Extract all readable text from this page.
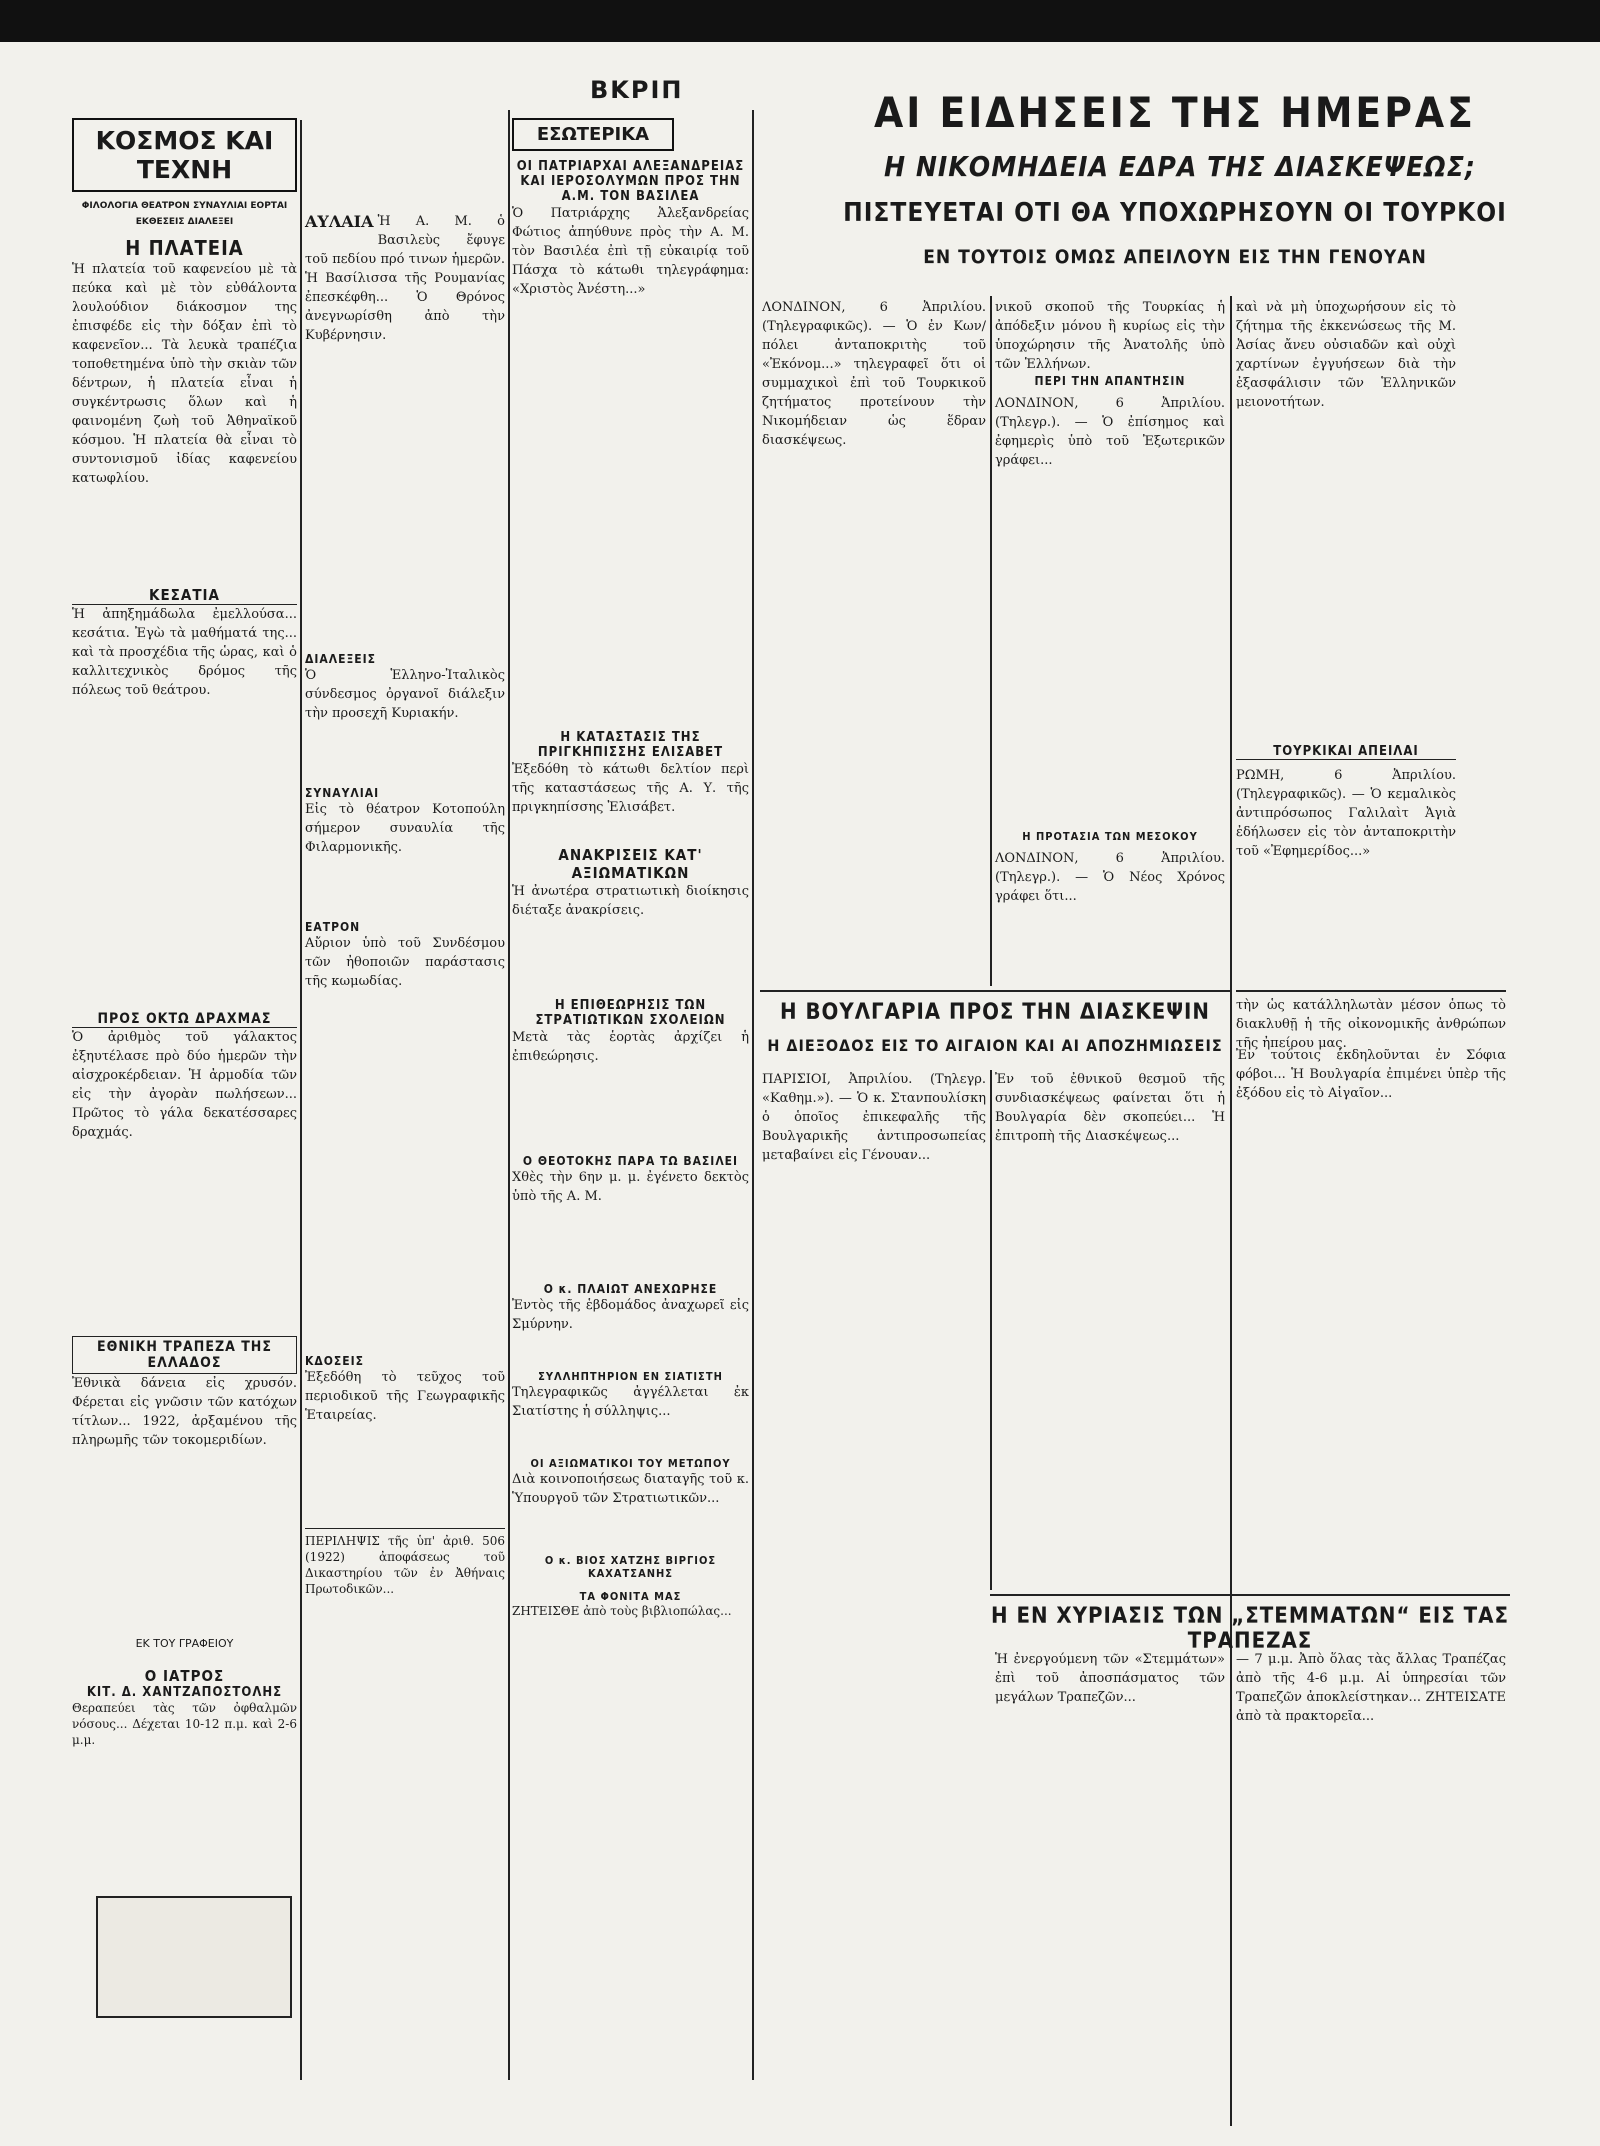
ΒΚΡΙΠ
ΚΟΣΜΟΣ ΚΑΙ ΤΕΧΝΗ
ΦΙΛΟΛΟΓΙΑ ΘΕΑΤΡΟΝ ΣΥΝΑΥΛΙΑΙ ΕΟΡΤΑΙ ΕΚΘΕΣΕΙΣ ΔΙΑΛΕΞΕΙ
Η ΠΛΑΤΕΙΑ
Ἡ πλατεία τοῦ καφενείου μὲ τὰ πεύκα καὶ μὲ τὸν εὐθάλοντα λουλούδιον διάκοσμον της ἐπισφέδε εἰς τὴν δόξαν ἐπὶ τὸ καφενεῖον... Τὰ λευκὰ τραπέζια τοποθετημένα ὑπὸ τὴν σκιὰν τῶν δέντρων, ἡ πλατεία εἶναι ἡ συγκέντρωσις ὅλων καὶ ἡ φαινομένη ζωὴ τοῦ Ἀθηναϊκοῦ κόσμου. Ἡ πλατεία θὰ εἶναι τὸ συντονισμοῦ ἰδίας καφενείου κατωφλίου.
ΚΕΣΑΤΙΑ
Ἡ ἀπηξημάδωλα ἐμελλούσα... κεσάτια. Ἐγὼ τὰ μαθήματά της... καὶ τὰ προσχέδια τῆς ὡρας, καὶ ὁ καλλιτεχνικὸς δρόμος τῆς πόλεως τοῦ θεάτρου.
ΠΡΟΣ ΟΚΤΩ ΔΡΑΧΜΑΣ
Ὁ ἀριθμὸς τοῦ γάλακτος ἐξηυτέλασε πρὸ δύο ἡμερῶν τὴν αἰσχροκέρδειαν. Ἡ ἀρμοδία τῶν εἰς τὴν ἀγορὰν πωλήσεων... Πρῶτος τὸ γάλα δεκατέσσαρες δραχμάς.
ΕΘΝΙΚΗ ΤΡΑΠΕΖΑ ΤΗΣ ΕΛΛΑΔΟΣ
Ἐθνικὰ δάνεια εἰς χρυσόν. Φέρεται εἰς γνῶσιν τῶν κατόχων τίτλων... 1922, ἀρξαμένου τῆς πληρωμῆς τῶν τοκομεριδίων.
ΕΚ ΤΟΥ ΓΡΑΦΕΙΟΥ
Ο ΙΑΤΡΟΣ
ΚΙΤ. Δ. ΧΑΝΤΖΑΠΟΣΤΟΛΗΣ
Θεραπεύει τὰς τῶν ὀφθαλμῶν νόσους... Δέχεται 10-12 π.μ. καὶ 2-6 μ.μ.
ΑΥΛΑΙΑ Ἡ Α. Μ. ὁ Βασιλεὺς ἔφυγε τοῦ πεδίου πρό τινων ἡμερῶν. Ἡ Βασίλισσα τῆς Ρουμανίας ἐπεσκέφθη... Ὁ Θρόνος ἀνεγνωρίσθη ἀπὸ τὴν Κυβέρνησιν.
ΔΙΑΛΕΞΕΙΣ
Ὁ Ἑλληνο-Ἰταλικὸς σύνδεσμος ὀργανοῖ διάλεξιν τὴν προσεχῆ Κυριακήν.
ΣΥΝΑΥΛΙΑΙ
Εἰς τὸ θέατρον Κοτοπούλη σήμερον συναυλία τῆς Φιλαρμονικῆς.
ΕΑΤΡΟΝ
Αὔριον ὑπὸ τοῦ Συνδέσμου τῶν ἠθοποιῶν παράστασις τῆς κωμωδίας.
ΚΔΟΣΕΙΣ
Ἐξεδόθη τὸ τεῦχος τοῦ περιοδικοῦ τῆς Γεωγραφικῆς Ἑταιρείας.
ΠΕΡΙΛΗΨΙΣ τῆς ὑπ' ἀριθ. 506 (1922) ἀποφάσεως τοῦ Δικαστηρίου τῶν ἐν Ἀθήναις Πρωτοδικῶν...
ΕΣΩΤΕΡΙΚΑ
ΟΙ ΠΑΤΡΙΑΡΧΑΙ ΑΛΕΞΑΝΔΡΕΙΑΣ ΚΑΙ ΙΕΡΟΣΟΛΥΜΩΝ ΠΡΟΣ ΤΗΝ Α.Μ. ΤΟΝ ΒΑΣΙΛΕΑ
Ὁ Πατριάρχης Ἀλεξανδρείας Φώτιος ἀπηύθυνε πρὸς τὴν Α. Μ. τὸν Βασιλέα ἐπὶ τῇ εὐκαιρίᾳ τοῦ Πάσχα τὸ κάτωθι τηλεγράφημα: «Χριστὸς Ἀνέστη...»
Η ΚΑΤΑΣΤΑΣΙΣ ΤΗΣ ΠΡΙΓΚΗΠΙΣΣΗΣ ΕΛΙΣΑΒΕΤ
Ἐξεδόθη τὸ κάτωθι δελτίον περὶ τῆς καταστάσεως τῆς Α. Υ. τῆς πριγκηπίσσης Ἐλισάβετ.
ΑΝΑΚΡΙΣΕΙΣ ΚΑΤ' ΑΞΙΩΜΑΤΙΚΩΝ
Ἡ ἀνωτέρα στρατιωτικὴ διοίκησις διέταξε ἀνακρίσεις.
Η ΕΠΙΘΕΩΡΗΣΙΣ ΤΩΝ ΣΤΡΑΤΙΩΤΙΚΩΝ ΣΧΟΛΕΙΩΝ
Μετὰ τὰς ἑορτὰς ἀρχίζει ἡ ἐπιθεώρησις.
Ο ΘΕΟΤΟΚΗΣ ΠΑΡΑ ΤΩ ΒΑΣΙΛΕΙ
Χθὲς τὴν 6ην μ. μ. ἐγένετο δεκτὸς ὑπὸ τῆς Α. Μ.
Ο κ. ΠΛΑΙΩΤ ΑΝΕΧΩΡΗΣΕ
Ἐντὸς τῆς ἑβδομάδος ἀναχωρεῖ εἰς Σμύρνην.
ΣΥΛΛΗΠΤΗΡΙΟΝ ΕΝ ΣΙΑΤΙΣΤΗ
Τηλεγραφικῶς ἀγγέλλεται ἐκ Σιατίστης ἡ σύλληψις...
ΟΙ ΑΞΙΩΜΑΤΙΚΟΙ ΤΟΥ ΜΕΤΩΠΟΥ
Διὰ κοινοποιήσεως διαταγῆς τοῦ κ. Ὑπουργοῦ τῶν Στρατιωτικῶν...
Ο κ. ΒΙΟΣ ΧΑΤΖΗΣ ΒΙΡΓΙΟΣ ΚΑΧΑΤΣΑΝΗΣ
ΤΑ ΦΟΝΙΤΑ ΜΑΣ
ΖΗΤΕΙΣΘΕ ἀπὸ τοὺς βιβλιοπώλας...
ΑΙ ΕΙΔΗΣΕΙΣ ΤΗΣ ΗΜΕΡΑΣ
Η ΝΙΚΟΜΗΔΕΙΑ ΕΔΡΑ ΤΗΣ ΔΙΑΣΚΕΨΕΩΣ;
ΠΙΣΤΕΥΕΤΑΙ ΟΤΙ ΘΑ ΥΠΟΧΩΡΗΣΟΥΝ ΟΙ ΤΟΥΡΚΟΙ
ΕΝ ΤΟΥΤΟΙΣ ΟΜΩΣ ΑΠΕΙΛΟΥΝ ΕΙΣ ΤΗΝ ΓΕΝΟΥΑΝ
ΛΟΝΔΙΝΟΝ, 6 Ἀπριλίου. (Τηλεγραφικῶς). — Ὁ ἐν Κων/πόλει ἀνταποκριτὴς τοῦ «Ἐκόνομ...» τηλεγραφεῖ ὅτι οἱ συμμαχικοὶ ἐπὶ τοῦ Τουρκικοῦ ζητήματος προτείνουν τὴν Νικομήδειαν ὡς ἕδραν διασκέψεως.
νικοῦ σκοποῦ τῆς Τουρκίας ἡ ἀπόδεξιν μόνου ἢ κυρίως εἰς τὴν ὑποχώρησιν τῆς Ἀνατολῆς ὑπὸ τῶν Ἑλλήνων.
ΠΕΡΙ ΤΗΝ ΑΠΑΝΤΗΣΙΝ
ΛΟΝΔΙΝΟΝ, 6 Ἀπριλίου. (Τηλεγρ.). — Ὁ ἐπίσημος καὶ ἐφημερὶς ὑπὸ τοῦ Ἐξωτερικῶν γράφει...
Η ΠΡΟΤΑΣΙΑ ΤΩΝ ΜΕΣΟΚΟΥ
ΛΟΝΔΙΝΟΝ, 6 Ἀπριλίου. (Τηλεγρ.). — Ὁ Νέος Χρόνος γράφει ὅτι...
καὶ νὰ μὴ ὑποχωρήσουν εἰς τὸ ζήτημα τῆς ἐκκενώσεως τῆς Μ. Ἀσίας ἄνευ οὐσιαδῶν καὶ οὐχὶ χαρτίνων ἐγγυήσεων διὰ τὴν ἐξασφάλισιν τῶν Ἑλληνικῶν μειονοτήτων.
ΤΟΥΡΚΙΚΑΙ ΑΠΕΙΛΑΙ
ΡΩΜΗ, 6 Ἀπριλίου. (Τηλεγραφικῶς). — Ὁ κεμαλικὸς ἀντιπρόσωπος Γαλιλαὶτ Ἀγιὰ ἐδήλωσεν εἰς τὸν ἀνταποκριτὴν τοῦ «Ἐφημερίδος...»
τὴν ὡς κατάλληλωτὰν μέσον ὁπως τὸ διακλυθῇ ἡ τῆς οἰκονομικῆς ἀνθρώπων τῆς ἠπείρου μας.
Η ΒΟΥΛΓΑΡΙΑ ΠΡΟΣ ΤΗΝ ΔΙΑΣΚΕΨΙΝ
Η ΔΙΕΞΟΔΟΣ ΕΙΣ ΤΟ ΑΙΓΑΙΟΝ ΚΑΙ ΑΙ ΑΠΟΖΗΜΙΩΣΕΙΣ
ΠΑΡΙΣΙΟΙ, Ἀπριλίου. (Τηλεγρ. «Καθημ.»). — Ὁ κ. Στανπουλίσκη ὁ ὁποῖος ἐπικεφαλῆς τῆς Βουλγαρικῆς ἀντιπροσωπείας μεταβαίνει εἰς Γένουαν...
Ἐν τοῦ ἐθνικοῦ θεσμοῦ τῆς συνδιασκέψεως φαίνεται ὅτι ἡ Βουλγαρία δὲν σκοπεύει... Ἡ ἐπιτροπὴ τῆς Διασκέψεως...
Ἐν τούτοις ἐκδηλοῦνται ἐν Σόφια φόβοι... Ἡ Βουλγαρία ἐπιμένει ὑπὲρ τῆς ἐξόδου εἰς τὸ Αἰγαῖον...
Η ΕΝ ΧΥΡΙΑΣΙΣ ΤΩΝ „ΣΤΕΜΜΑΤΩΝ“ ΕΙΣ ΤΑΣ ΤΡΑΠΕΖΑΣ
Ἡ ἐνεργούμενη τῶν «Στεμμάτων» ἐπὶ τοῦ ἀποσπάσματος τῶν μεγάλων Τραπεζῶν...
— 7 μ.μ. Ἀπὸ ὅλας τὰς ἄλλας Τραπέζας ἀπὸ τῆς 4-6 μ.μ. Αἱ ὑπηρεσίαι τῶν Τραπεζῶν ἀποκλείστηκαν... ΖΗΤΕΙΣΑΤΕ ἀπὸ τὰ πρακτορεῖα...
